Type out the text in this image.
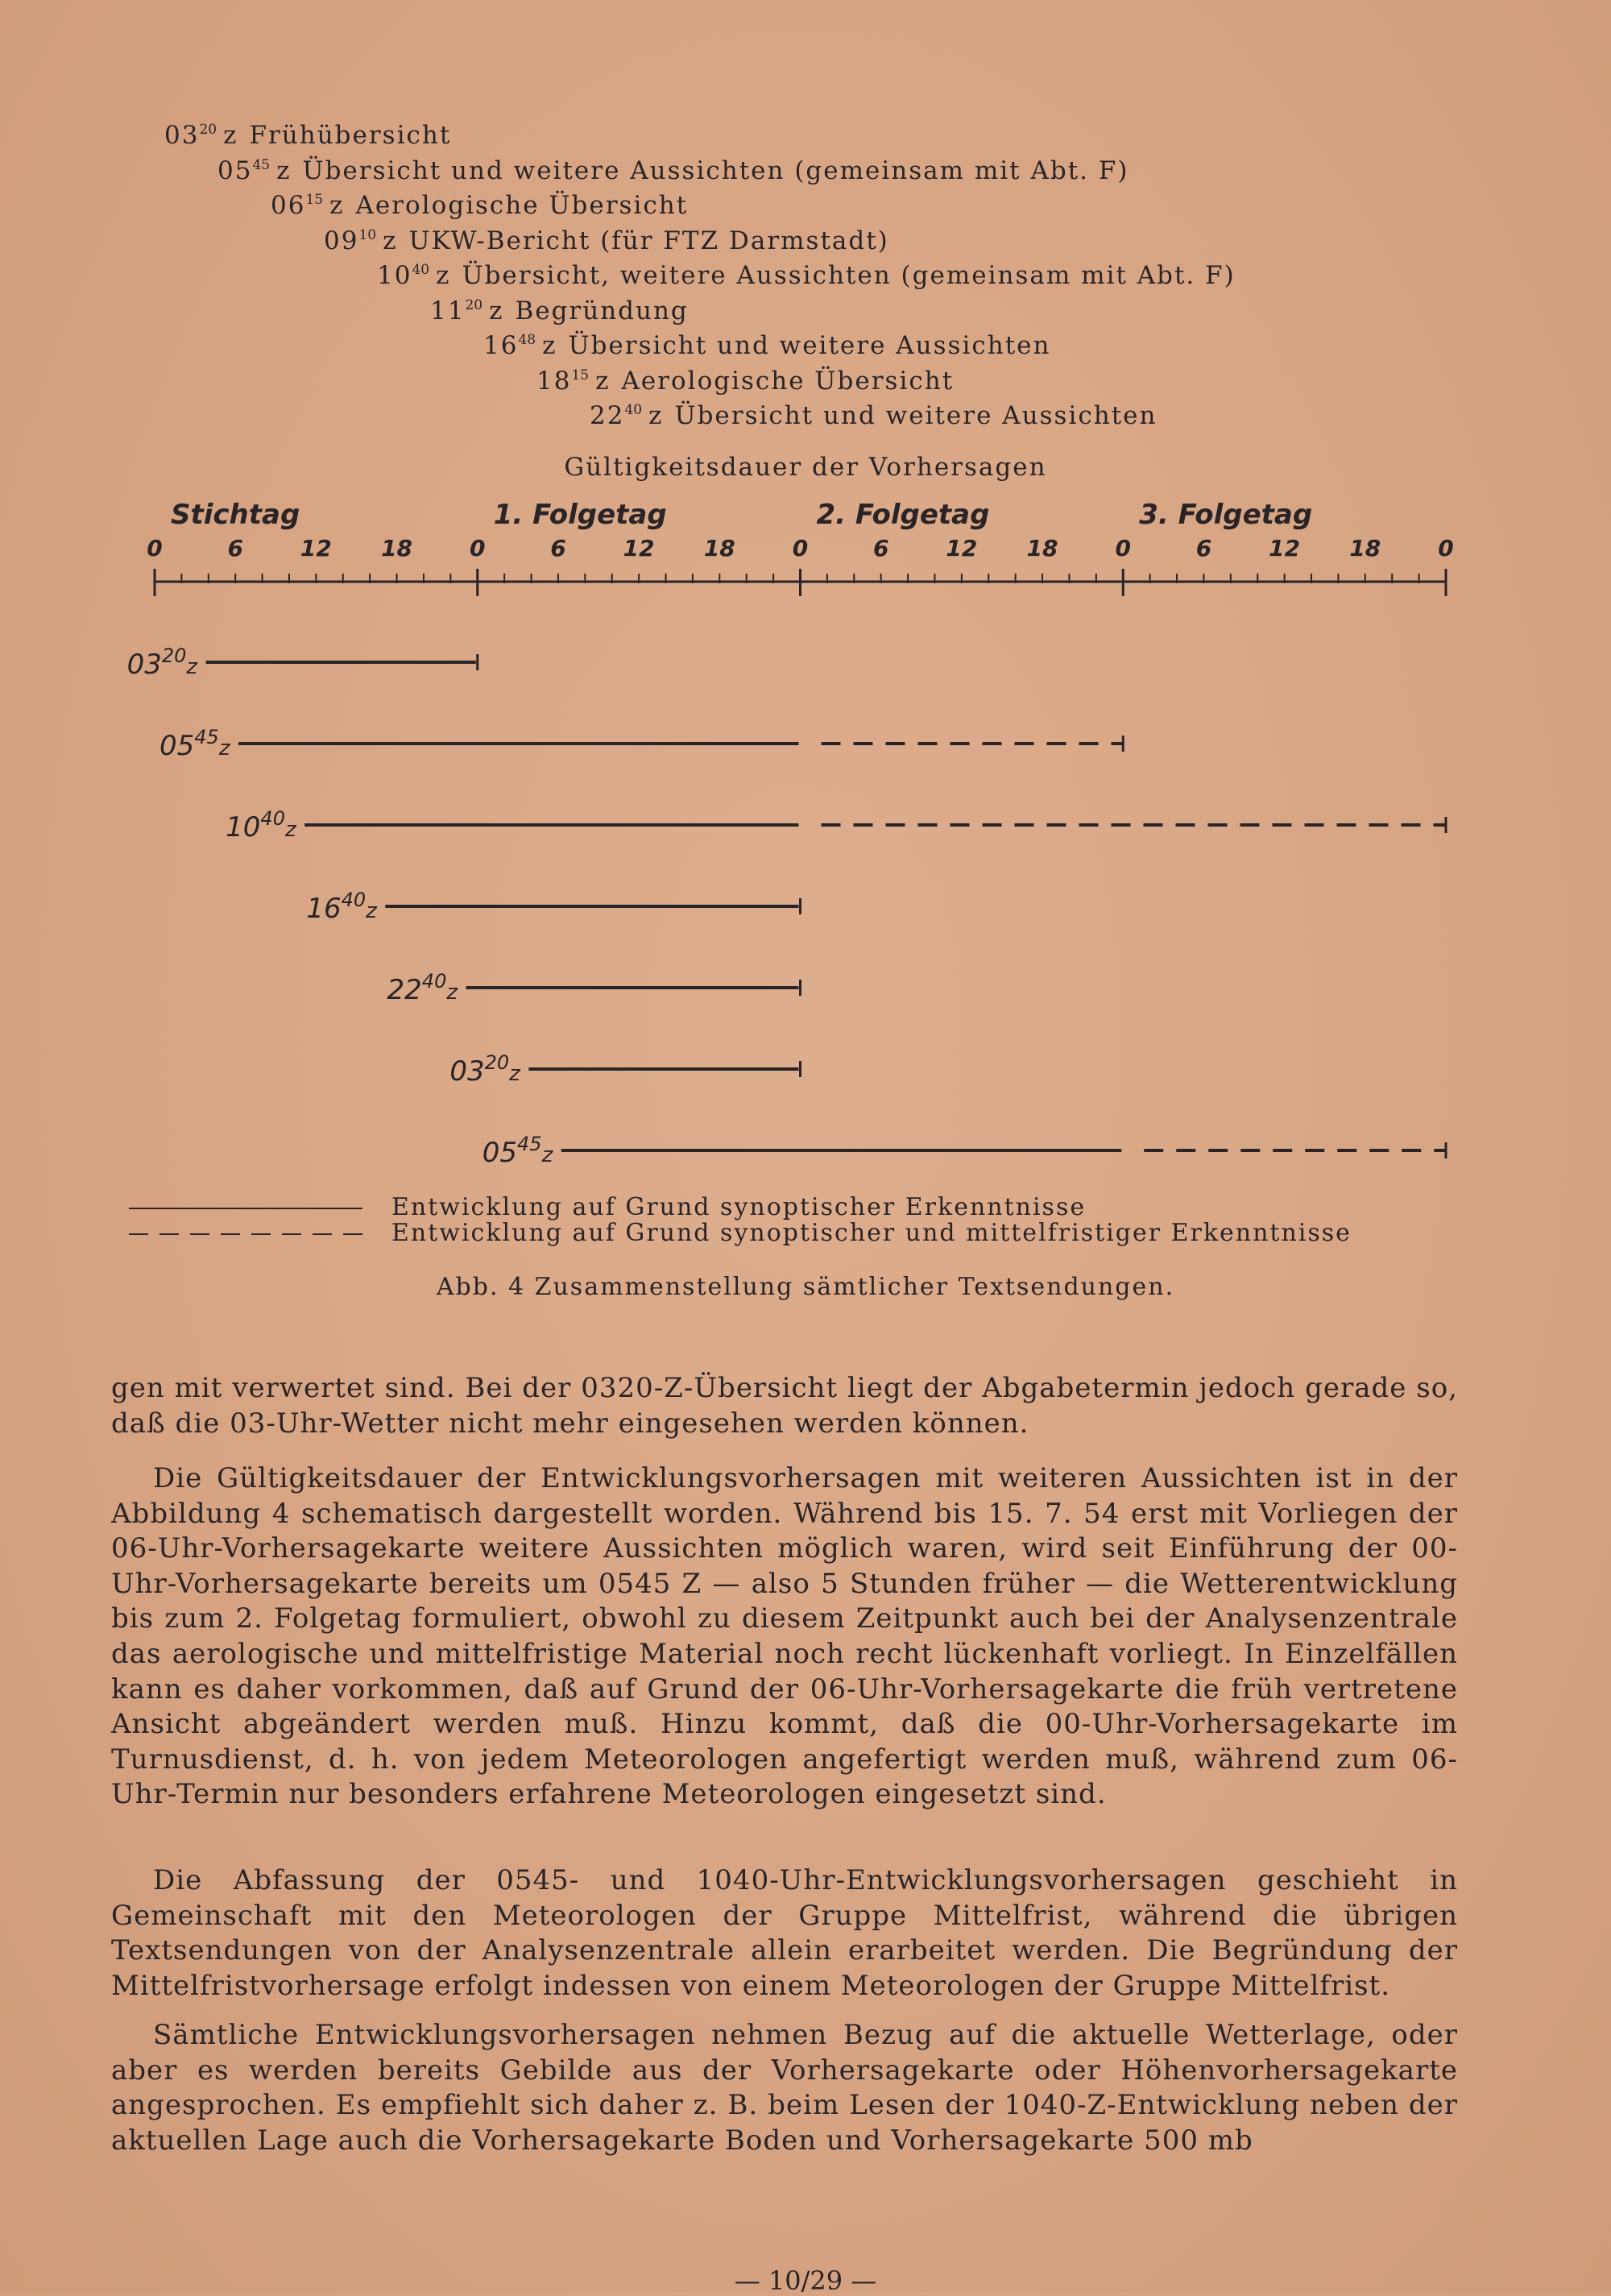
$03^{20}$ z Frühübersicht
$05^{45}$ z Übersicht und weitere Aussichten (gemeinsam mit Abt. F)
$06^{15}$ z Aerologische Übersicht
$09^{10}$ z UKW-Bericht (für FTZ Darmstadt)
$10^{40}$ z Übersicht, weitere Aussichten (gemeinsam mit Abt. F)
$11^{20}$ z Begründung
$16^{48}$ z Übersicht und weitere Aussichten
$18^{15}$ z Aerologische Übersicht
$22^{40}$ z Übersicht und weitere Aussichten
Gültigkeitsdauer der Vorhersagen
Stichtag	1. Folgetag	2. Folgetag	3. Folgetag
0	6	12 18	0	6	12 18	0	6	12 18	0	6	12 18	0
$03^{20}_z$
$05^{45}_z$
$10^{40}_z$
$16^{40}_z$
$22^{40}_z$
$03^{20}_z$
$05^{45}_z$
Entwicklung auf Grund synoptischer Erkenntnisse
Entwicklung auf Grund synoptischer und mittelfristiger Erkenntnisse
Abb. 4 Zusammenstellung sämtlicher Textsendungen.

gen mit verwertet sind. Bei der 0320-Z-Übersicht liegt der Abgabetermin jedoch gerade so, daß die 03-Uhr-Wetter nicht mehr eingesehen werden können.

Die Gültigkeitsdauer der Entwicklungsvorhersagen mit weiteren Aussichten ist in der Abbildung 4 schematisch dargestellt worden. Während bis 15. 7. 54 erst mit Vorliegen der 06-Uhr-Vorhersagekarte weitere Aussichten möglich waren, wird seit Einführung der 00-Uhr-Vorhersagekarte bereits um 0545 Z — also 5 Stunden früher — die Wetterentwicklung bis zum 2. Folgetag formuliert, obwohl zu diesem Zeitpunkt auch bei der Analysenzentrale das aerologische und mittelfristige Material noch recht lückenhaft vorliegt. In Einzelfällen kann es daher vorkommen, daß auf Grund der 06-Uhr-Vorhersagekarte die früh vertretene Ansicht abgeändert werden muß. Hinzu kommt, daß die 00-Uhr-Vorhersagekarte im Turnusdienst, d. h. von jedem Meteorologen angefertigt werden muß, während zum 06-Uhr-Termin nur besonders erfahrene Meteorologen eingesetzt sind.

Die Abfassung der 0545- und 1040-Uhr-Entwicklungsvorhersagen geschieht in Gemeinschaft mit den Meteorologen der Gruppe Mittelfrist, während die übrigen Textsendungen von der Analysenzentrale allein erarbeitet werden. Die Begründung der Mittelfristvorhersage erfolgt indessen von einem Meteorologen der Gruppe Mittelfrist.

Sämtliche Entwicklungsvorhersagen nehmen Bezug auf die aktuelle Wetterlage, oder aber es werden bereits Gebilde aus der Vorhersagekarte oder Höhenvorhersagekarte angesprochen. Es empfiehlt sich daher z. B. beim Lesen der 1040-Z-Entwicklung neben der aktuellen Lage auch die Vorhersagekarte Boden und Vorhersagekarte 500 mb

— 10/29 —
